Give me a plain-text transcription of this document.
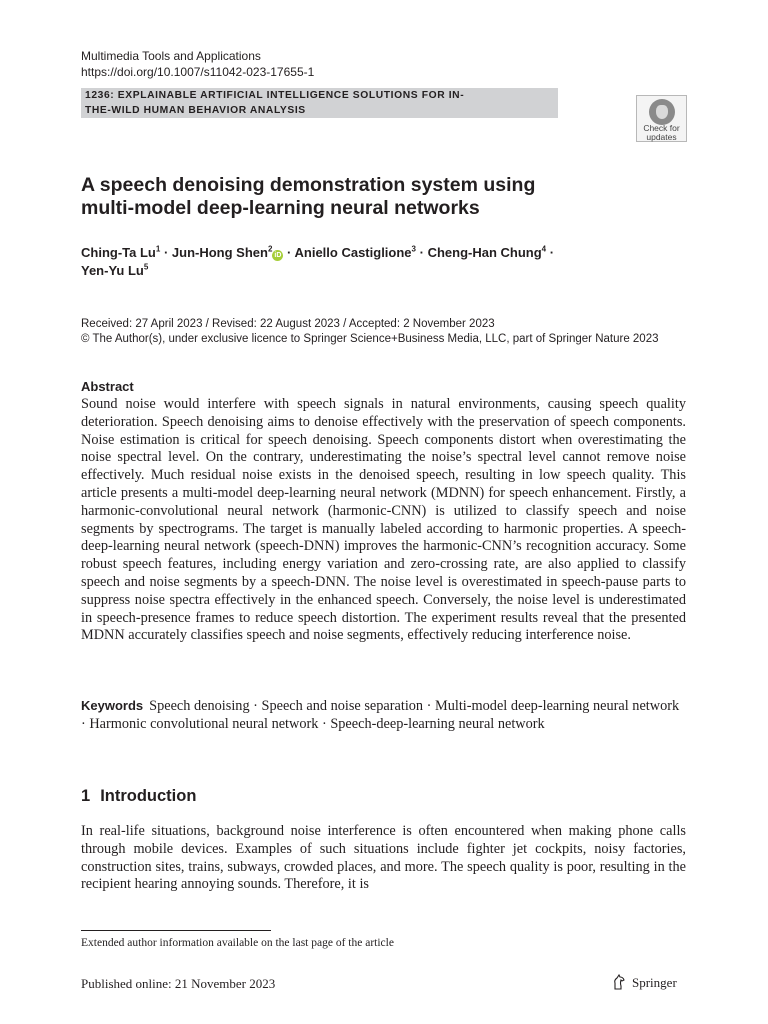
Multimedia Tools and Applications
https://doi.org/10.1007/s11042-023-17655-1
1236: EXPLAINABLE ARTIFICIAL INTELLIGENCE SOLUTIONS FOR IN-
THE-WILD HUMAN BEHAVIOR ANALYSIS
Check for
updates
A speech denoising demonstration system using
multi-model deep-learning neural networks
Ching-Ta $Lu^1$ · Jun-Hong Shen$^2$iD · Aniello Castiglione$^3$ · Cheng-Han Chung$^4$ ·
Yen-Yu Lu$^5$
Received: 27 April 2023 / Revised: 22 August 2023 / Accepted: 2 November 2023
© The Author(s), under exclusive licence to Springer Science+Business Media, LLC, part of Springer Nature 2023
Abstract

Sound noise would interfere with speech signals in natural environments, causing speech quality deterioration. Speech denoising aims to denoise effectively with the preservation of speech components. Noise estimation is critical for speech denoising. Speech components distort when overestimating the noise spectral level. On the contrary, underestimating the noise’s spectral level cannot remove noise effectively. Much residual noise exists in the denoised speech, resulting in low speech quality. This article presents a multi-model deep-learning neural network (MDNN) for speech enhancement. Firstly, a harmonic-convolutional neural network (harmonic-CNN) is utilized to classify speech and noise segments by spectrograms. The target is manually labeled according to harmonic properties. A speech-deep-learning neural network (speech-DNN) improves the harmonic-CNN’s recognition accuracy. Some robust speech features, including energy variation and zero-crossing rate, are also applied to classify speech and noise segments by a speech-DNN. The noise level is overestimated in speech-pause parts to suppress noise spectra effectively in the enhanced speech. Conversely, the noise level is underestimated in speech-presence frames to reduce speech distortion. The experiment results reveal that the presented MDNN accurately classifies speech and noise segments, effectively reducing interference noise.

Keywords Speech denoising · Speech and noise separation · Multi-model deep-learning neural network · Harmonic convolutional neural network · Speech-deep-learning neural network
1 Introduction

In real-life situations, background noise interference is often encountered when making phone calls through mobile devices. Examples of such situations include fighter jet cockpits, noisy factories, construction sites, trains, subways, crowded places, and more. The speech quality is poor, resulting in the recipient hearing annoying sounds. Therefore, it is

Extended author information available on the last page of the article
Published online: 21 November 2023	Springer
